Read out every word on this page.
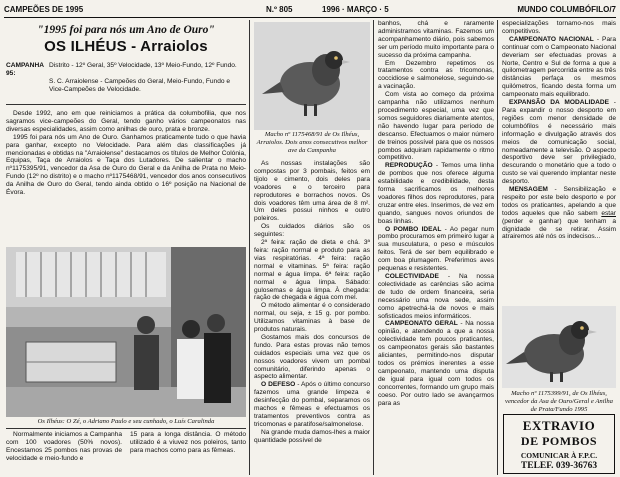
CAMPEÕES DE 1995	N.º 805	1996 · MARÇO · 5	MUNDO COLUMBÓFILO/7
"1995 foi para nós um Ano de Ouro"
OS ILHÉUS - Arraiolos
CAMPANHA 95:
Distrito - 12º Geral, 35º Velocidade, 13º Meio-Fundo, 12º Fundo.
S. C. Arraiolense - Campeões do Geral, Meio-Fundo, Fundo e Vice-Campeões de Velocidade.

Desde 1992, ano em que reiniciamos a prática da columbofilia, que nos sagramos vice-campeões do Geral, tendo ganho vários campeonatos nas diversas especialidades, assim como anilhas de ouro, prata e bronze.

1995 foi para nós um Ano de Ouro. Ganhamos praticamente tudo o que havia para ganhar, excepto no Velocidade. Para além das classificações já mencionadas e obtidas na "Arraiolense" destacamos os títulos de Melhor Colónia, Equipas, Taça de Arraiolos e Taça dos Lutadores. De salientar o macho nº1175395/91, vencedor da Asa de Ouro do Geral e da Anilha de Prata no Meio-Fundo (12º no distrito) e o macho nº1175468/91, vencedor dos anos consecutivos da Anilha de Ouro do Geral, tendo ainda obtido o 16º posição na Nacional de Évora.

Os Ilhéus: O Zé, o Adriano Paulo e seu cunhado, o Luís Caralinda

Normalmente iniciamos a Campanha com 100 voadores (50% novos). Encestamos 25 pombos nas provas de velocidade e meio-fundo e

15 para a longa distância. O método utilizado é a viuvez nos poleiros, tanto para machos como para as fêmeas.

Macho nº 1175468/91 de Os Ilhéus, Arraiolos. Dois anos consecutivos melhor ave da Campanha

As nossas instalações são compostas por 3 pombais, feitos em tijolo e cimento, dois deles para voadores e o terceiro para reprodutores e borrachos novos. Os dois voadores têm uma área de 8 m². Um deles possui ninhos e outro poleiros.

Os cuidados diários são os seguintes:

2ª feira: ração de dieta e chá. 3ª feira: ração normal e produto para as vias respiratórias. 4ª feira: ração normal e vitaminas. 5ª feira: ração normal e água limpa. 6ª feira: ração normal e água limpa. Sábado: gulosemas e água limpa. À chegada: ração de chegada e água com mel.

O método alimentar é o considerado normal, ou seja, ± 15 g. por pombo. Utilizamos vitaminas à base de produtos naturais.

Gostamos mais dos concursos de fundo. Para estas provas não temos cuidados especiais uma vez que os nossos voadores vivem um pombal comunitário, diferindo apenas o aspecto alimentar.

O DEFESO - Após o último concurso fazemos uma grande limpeza e desinfecção do pombal, separamos os machos e fêmeas e efectuamos os tratamentos preventivos contra as tricomonas e paratifose/salmonelose.

Na grande muda damos-lhes a maior quantidade possível de

banhos, chá e raramente administramos vitaminas. Fazemos um acompanhamento diário, pois sabemos ser um período muito importante para o sucesso da próxima campanha.

Em Dezembro repetimos os tratamentos contra as tricomonas, coccidiose e salmonelose, seguindo-se a vacinação.

Com vista ao começo da próxima campanha não utilizamos nenhum procedimento especial, uma vez que somos seguidores diariamente atentos, não havendo lugar para período de descanso. Efectuamos o maior número de treinos possível para que os nossos pombos adquiram rapidamente o ritmo competitivo.

REPRODUÇÃO - Temos uma linha de pombos que nos oferece alguma estabilidade e credibilidade, desta forma sacrificamos os melhores voadores filhos dos reprodutores, para cruzar entre eles. Inserimos, de vez em quando, sangues novos oriundos de boas linhas.

O POMBO IDEAL - Ao pegar num pombo procuramos em primeiro lugar a sua musculatura, o peso e músculos feitos. Terá de ser bem equilibrado e com boa plumagem. Preferimos aves pequenas e resistentes.

COLECTIVIDADE - Na nossa colectividade as carências são acima de tudo de ordem financeira, seria necessário uma nova sede, assim como apetrechá-la de novos e mais sofisticados meios informáticos.

CAMPEONATO GERAL - Na nossa opinião, e atendendo a que a nossa colectividade tem poucos praticantes, os campeonatos gerais são bastantes aliciantes, permitindo-nos disputar todos os prémios inerentes a esse campeonato, mantendo uma disputa de igual para igual com todos os concorrentes, formando um grupo mais coeso. Por outro lado se avançarmos para as

especializações tornamo-nos mais competitivos.

CAMPEONATO NACIONAL - Para continuar com o Campeonato Nacional deveriam ser efectuadas provas a Norte, Centro e Sul de forma a que a quilometragem percorrida entre as três distâncias perfaça os mesmos quilómetros, ficando desta forma um campeonato mais equilibrado.

EXPANSÃO DA MODALIDADE - Para expandir o nosso desporto em regiões com menor densidade de columbófilos é necessário mais informação e divulgação através dos meios de comunicação social, nomeadamente a televisão. O aspecto desportivo deve ser privilegiado, descurando o monetário que a todo o custo se vai querendo implantar neste desporto.

MENSAGEM - Sensibilização e respeito por este belo desporto e por todos os praticantes, apelando a que todos aqueles que não sabem estar (perder e ganhar) que tenham a dignidade de se retirar. Assim atrairemos até nós os indecisos...

Macho nº 1175399/91, de Os Ilhéus, vencedor da Asa de Ouro/Geral e Anilha de Prata/Fundo 1995
EXTRAVIO
DE POMBOS
COMUNICAR À F.P.C.
TELEF. 039-36763
